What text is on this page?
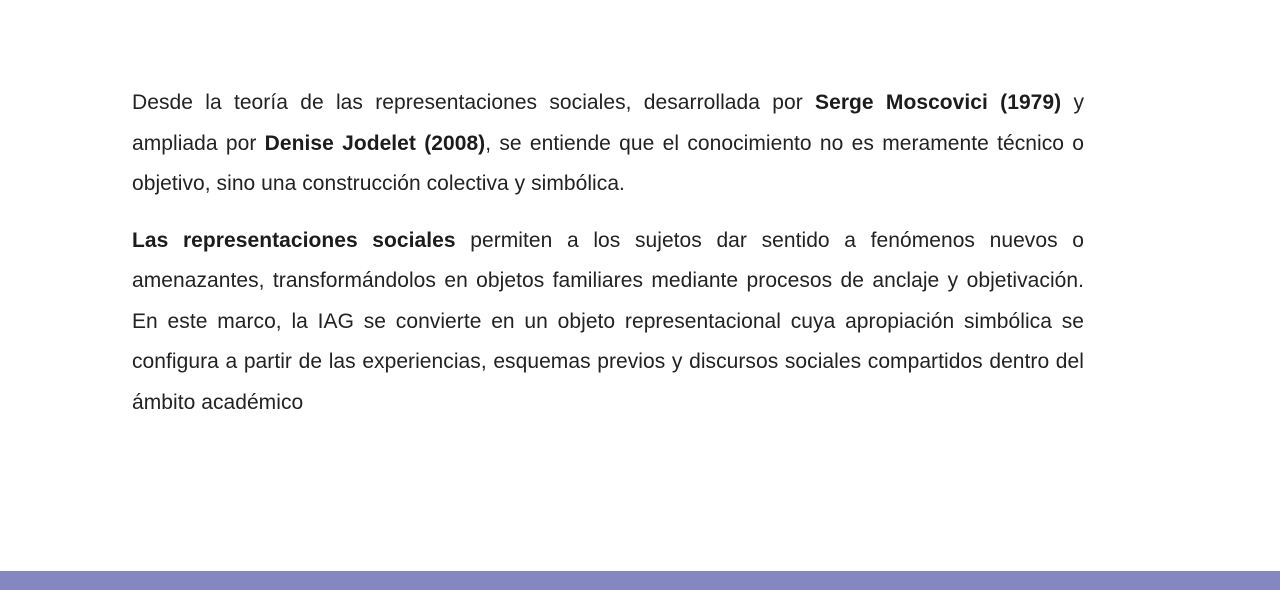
Desde la teoría de las representaciones sociales, desarrollada por Serge Moscovici (1979) y ampliada por Denise Jodelet (2008), se entiende que el conocimiento no es meramente técnico o objetivo, sino una construcción colectiva y simbólica.

Las representaciones sociales permiten a los sujetos dar sentido a fenómenos nuevos o amenazantes, transformándolos en objetos familiares mediante procesos de anclaje y objetivación. En este marco, la IAG se convierte en un objeto representacional cuya apropiación simbólica se configura a partir de las experiencias, esquemas previos y discursos sociales compartidos dentro del ámbito académico
